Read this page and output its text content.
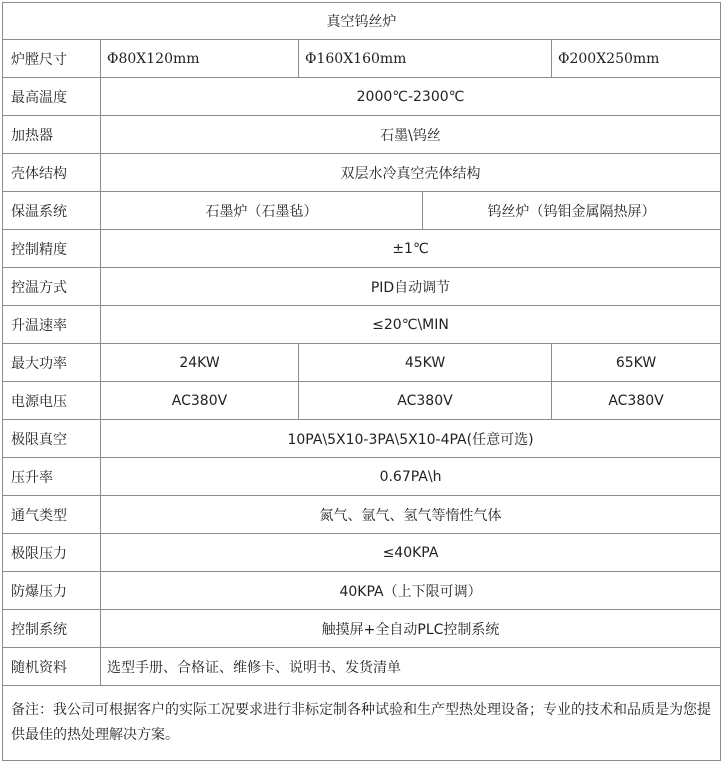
真空钨丝炉				
炉膛尺寸	Φ80X120mm	Φ160X160mm		Φ200X250mm
最高温度	2000℃-2300℃			
加热器	石墨\钨丝			
壳体结构	双层水冷真空壳体结构			
保温系统	石墨炉（石墨毡）		钨丝炉（钨钼金属隔热屏）	
控制精度	±1℃			
控温方式	PID自动调节			
升温速率	≤20℃\MIN			
最大功率	24KW	45KW		65KW
电源电压	AC380V	AC380V		AC380V
极限真空	10PA\5X10-3PA\5X10-4PA(任意可选)			
压升率	0.67PA\h			
通气类型	氮气、氩气、氢气等惰性气体			
极限压力	≤40KPA			
防爆压力	40KPA（上下限可调）			
控制系统	触摸屏+全自动PLC控制系统			
随机资料	选型手册、合格证、维修卡、说明书、发货清单			
备注：我公司可根据客户的实际工况要求进行非标定制各种试验和生产型热处理设备；专业的技术和品质是为您提供最佳的热处理解决方案。				
